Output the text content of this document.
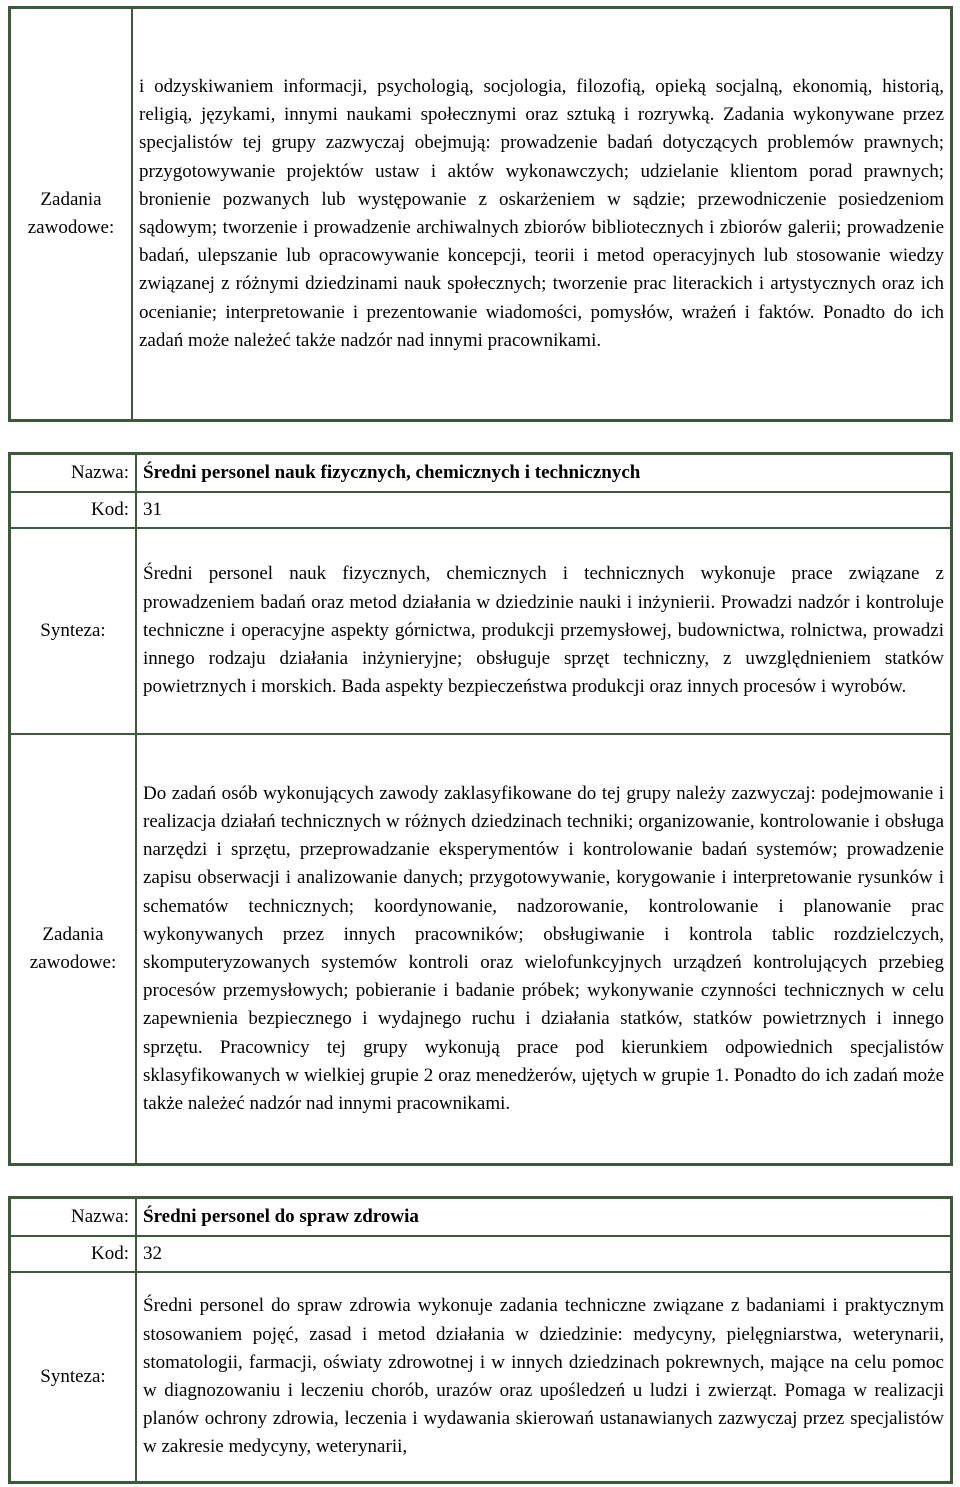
Zadania zawodowe:	i odzyskiwaniem informacji, psychologią, socjologia, filozofią, opieką socjalną, ekonomią, historią, religią, językami, innymi naukami społecznymi oraz sztuką i rozrywką. Zadania wykonywane przez specjalistów tej grupy zazwyczaj obejmują: prowadzenie badań dotyczących problemów prawnych; przygotowywanie projektów ustaw i aktów wykonawczych; udzielanie klientom porad prawnych; bronienie pozwanych lub występowanie z oskarżeniem w sądzie; przewodniczenie posiedzeniom sądowym; tworzenie i prowadzenie archiwalnych zbiorów bibliotecznych i zbiorów galerii; prowadzenie badań, ulepszanie lub opracowywanie koncepcji, teorii i metod operacyjnych lub stosowanie wiedzy związanej z różnymi dziedzinami nauk społecznych; tworzenie prac literackich i artystycznych oraz ich ocenianie; interpretowanie i prezentowanie wiadomości, pomysłów, wrażeń i faktów. Ponadto do ich zadań może należeć także nadzór nad innymi pracownikami.
Nazwa:	Średni personel nauk fizycznych, chemicznych i technicznych
Kod:	31
Synteza:	Średni personel nauk fizycznych, chemicznych i technicznych wykonuje prace związane z prowadzeniem badań oraz metod działania w dziedzinie nauki i inżynierii. Prowadzi nadzór i kontroluje techniczne i operacyjne aspekty górnictwa, produkcji przemysłowej, budownictwa, rolnictwa, prowadzi innego rodzaju działania inżynieryjne; obsługuje sprzęt techniczny, z uwzględnieniem statków powietrznych i morskich. Bada aspekty bezpieczeństwa produkcji oraz innych procesów i wyrobów.
Zadania zawodowe:	Do zadań osób wykonujących zawody zaklasyfikowane do tej grupy należy zazwyczaj: podejmowanie i realizacja działań technicznych w różnych dziedzinach techniki; organizowanie, kontrolowanie i obsługa narzędzi i sprzętu, przeprowadzanie eksperymentów i kontrolowanie badań systemów; prowadzenie zapisu obserwacji i analizowanie danych; przygotowywanie, korygowanie i interpretowanie rysunków i schematów technicznych; koordynowanie, nadzorowanie, kontrolowanie i planowanie prac wykonywanych przez innych pracowników; obsługiwanie i kontrola tablic rozdzielczych, skomputeryzowanych systemów kontroli oraz wielofunkcyjnych urządzeń kontrolujących przebieg procesów przemysłowych; pobieranie i badanie próbek; wykonywanie czynności technicznych w celu zapewnienia bezpiecznego i wydajnego ruchu i działania statków, statków powietrznych i innego sprzętu. Pracownicy tej grupy wykonują prace pod kierunkiem odpowiednich specjalistów sklasyfikowanych w wielkiej grupie 2 oraz menedżerów, ujętych w grupie 1. Ponadto do ich zadań może także należeć nadzór nad innymi pracownikami.
Nazwa:	Średni personel do spraw zdrowia
Kod:	32
Synteza:	Średni personel do spraw zdrowia wykonuje zadania techniczne związane z badaniami i praktycznym stosowaniem pojęć, zasad i metod działania w dziedzinie: medycyny, pielęgniarstwa, weterynarii, stomatologii, farmacji, oświaty zdrowotnej i w innych dziedzinach pokrewnych, mające na celu pomoc w diagnozowaniu i leczeniu chorób, urazów oraz upośledzeń u ludzi i zwierząt. Pomaga w realizacji planów ochrony zdrowia, leczenia i wydawania skierowań ustanawianych zazwyczaj przez specjalistów w zakresie medycyny, weterynarii,
